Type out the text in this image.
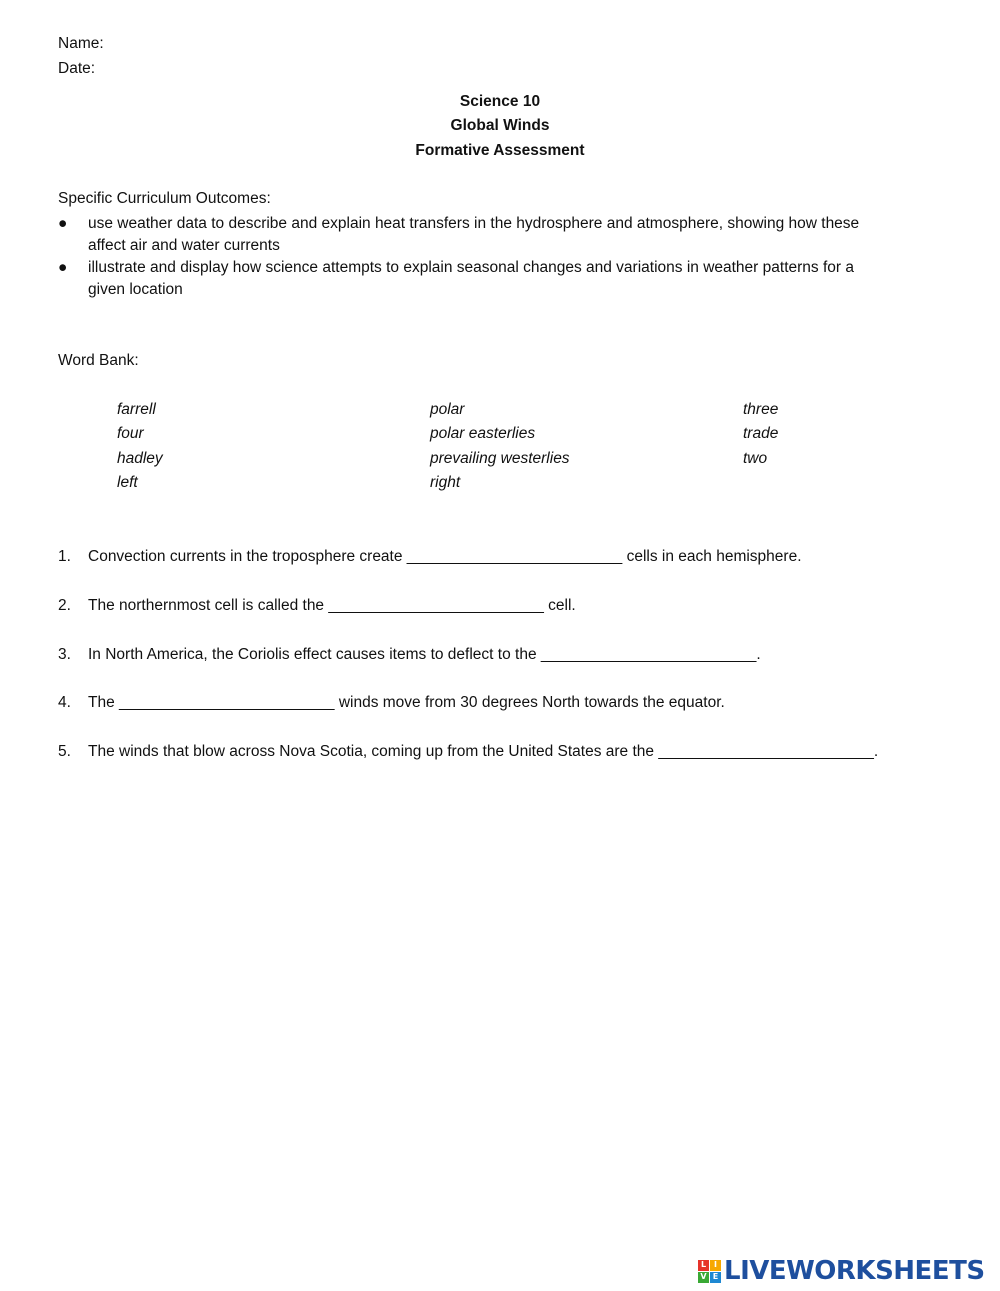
Name:
Date:
Science 10
Global Winds
Formative Assessment
Specific Curriculum Outcomes:
● use weather data to describe and explain heat transfers in the hydrosphere and atmosphere, showing how these
affect air and water currents
● illustrate and display how science attempts to explain seasonal changes and variations in weather patterns for a
given location
Word Bank:
farrell
four
hadley
left
polar
polar easterlies
prevailing westerlies
right
three
trade
two
1. Convection currents in the troposphere create _________________________ cells in each hemisphere.
2. The northernmost cell is called the _________________________ cell.
3. In North America, the Coriolis effect causes items to deflect to the _________________________.
4. The _________________________ winds move from 30 degrees North towards the equator.
5. The winds that blow across Nova Scotia, coming up from the United States are the _________________________.
L I
V E LIVEWORKSHEETS
